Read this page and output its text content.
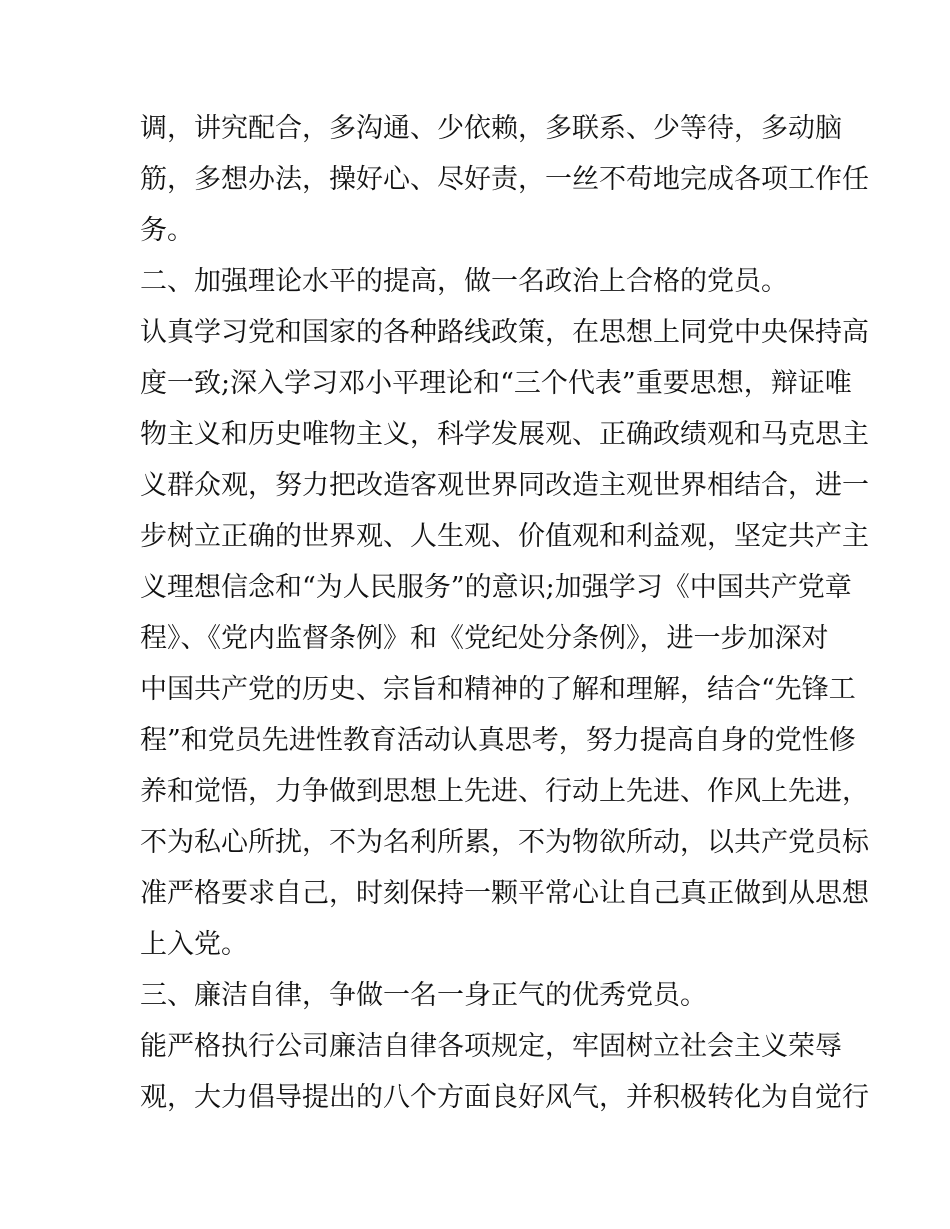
调，讲究配合，多沟通、少依赖，多联系、少等待，多动脑
筋，多想办法，操好心、尽好责，一丝不苟地完成各项工作任
务。
二、加强理论水平的提高，做一名政治上合格的党员。
认真学习党和国家的各种路线政策，在思想上同党中央保持高
度一致;深入学习邓小平理论和“三个代表”重要思想，辩证唯
物主义和历史唯物主义，科学发展观、正确政绩观和马克思主
义群众观，努力把改造客观世界同改造主观世界相结合，进一
步树立正确的世界观、人生观、价值观和利益观，坚定共产主
义理想信念和“为人民服务”的意识;加强学习《中国共产党章
程》、《党内监督条例》和《党纪处分条例》，进一步加深对
中国共产党的历史、宗旨和精神的了解和理解，结合“先锋工
程”和党员先进性教育活动认真思考，努力提高自身的党性修
养和觉悟，力争做到思想上先进、行动上先进、作风上先进，
不为私心所扰，不为名利所累，不为物欲所动，以共产党员标
准严格要求自己，时刻保持一颗平常心让自己真正做到从思想
上入党。
三、廉洁自律，争做一名一身正气的优秀党员。
能严格执行公司廉洁自律各项规定，牢固树立社会主义荣辱
观，大力倡导提出的八个方面良好风气，并积极转化为自觉行
